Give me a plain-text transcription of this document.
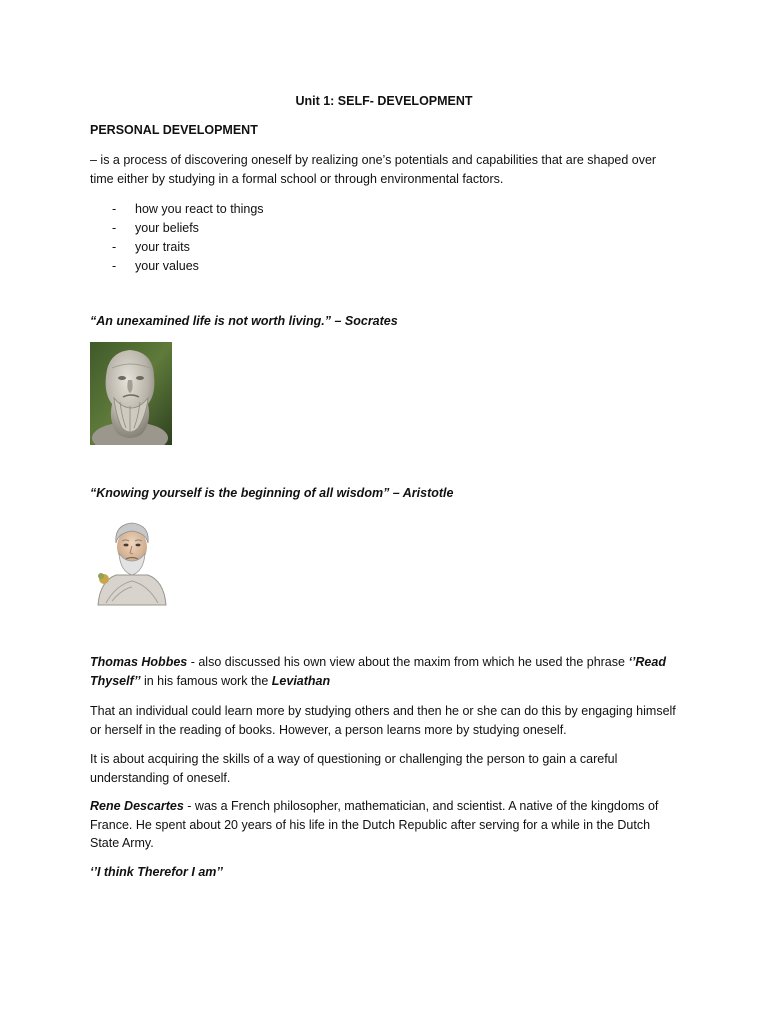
Unit 1: SELF- DEVELOPMENT
PERSONAL DEVELOPMENT
– is a process of discovering oneself by realizing one’s potentials and capabilities that are shaped over time either by studying in a formal school or through environmental factors.
- how you react to things
- your beliefs
- your traits
- your values
“An unexamined life is not worth living.” – Socrates
“Knowing yourself is the beginning of all wisdom” – Aristotle
Thomas Hobbes - also discussed his own view about the maxim from which he used the phrase ‘’Read Thyself’’ in his famous work the Leviathan
That an individual could learn more by studying others and then he or she can do this by engaging himself or herself in the reading of books. However, a person learns more by studying oneself.
It is about acquiring the skills of a way of questioning or challenging the person to gain a careful understanding of oneself.
Rene Descartes - was a French philosopher, mathematician, and scientist. A native of the kingdoms of France. He spent about 20 years of his life in the Dutch Republic after serving for a while in the Dutch State Army.
‘’I think Therefor I am’’
